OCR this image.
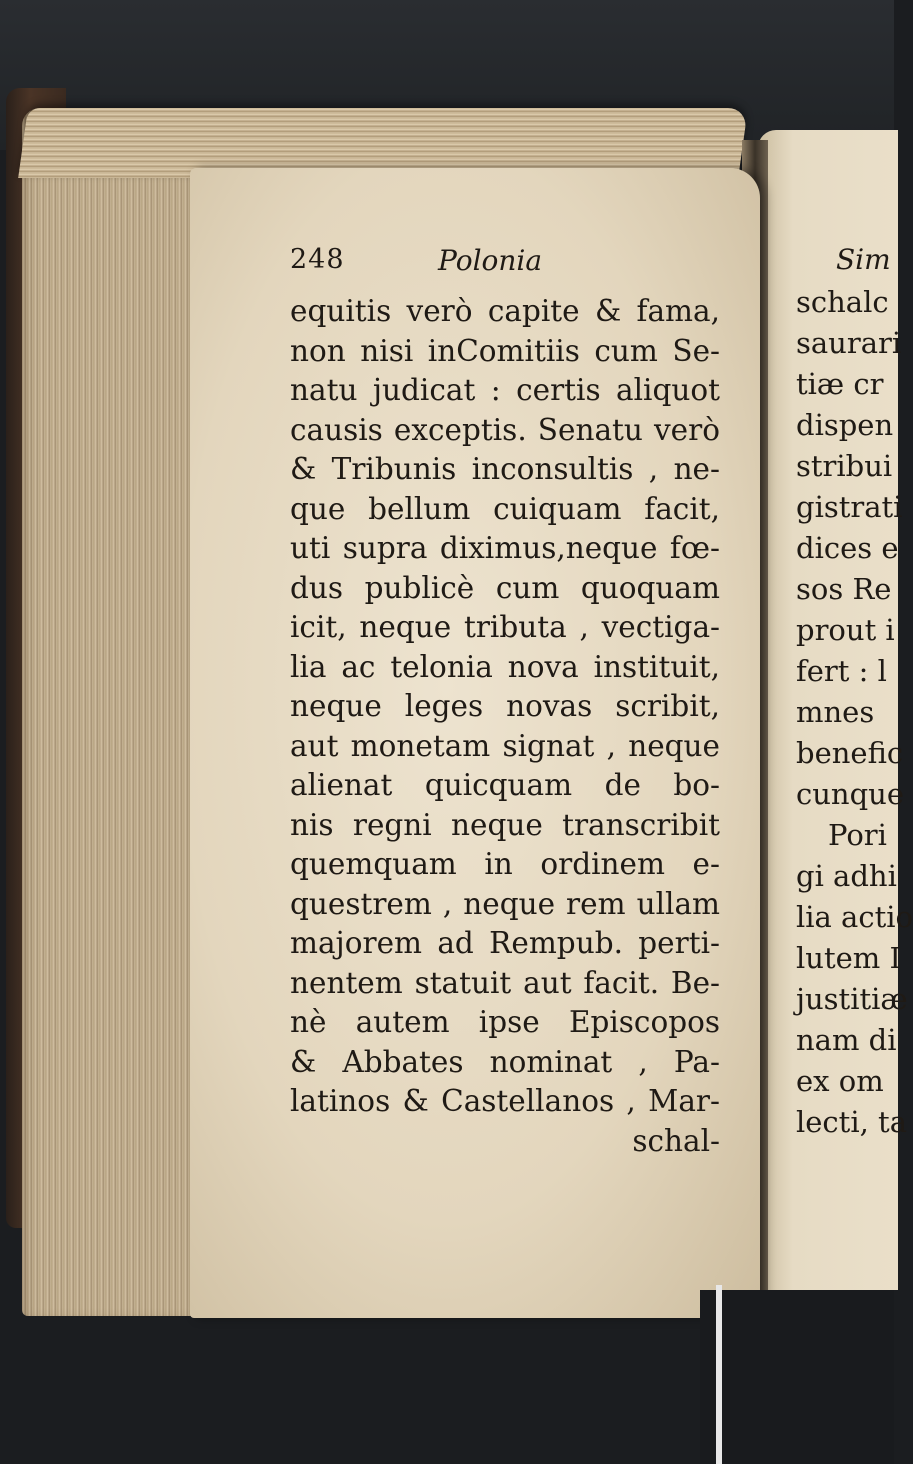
248	Polonia
equitis verò capite & fama,
non nisi inComitiis cum Se-
natu judicat : certis aliquot
causis exceptis. Senatu verò
& Tribunis inconsultis , ne-
que bellum cuiquam facit,
uti supra diximus,neque fœ-
dus publicè cum quoquam
icit, neque tributa , vectiga-
lia ac telonia nova instituit,
neque leges novas scribit,
aut monetam signat , neque
alienat quicquam de bo-
nis regni neque transcribit
quemquam in ordinem e-
questrem , neque rem ullam
majorem ad Rempub. perti-
nentem statuit aut facit. Be-
nè autem ipse Episcopos
& Abbates nominat , Pa-
latinos & Castellanos , Mar-
schal-
Sim
schalc
saurari
tiæ cr
dispen
stribui
gistrati
dices e
sos Re
prout i
fert : l
mnes
benefic
cunque
Pori
gi adhi
lia actio
lutem I
justitiæ
nam di
ex om
lecti, ta
